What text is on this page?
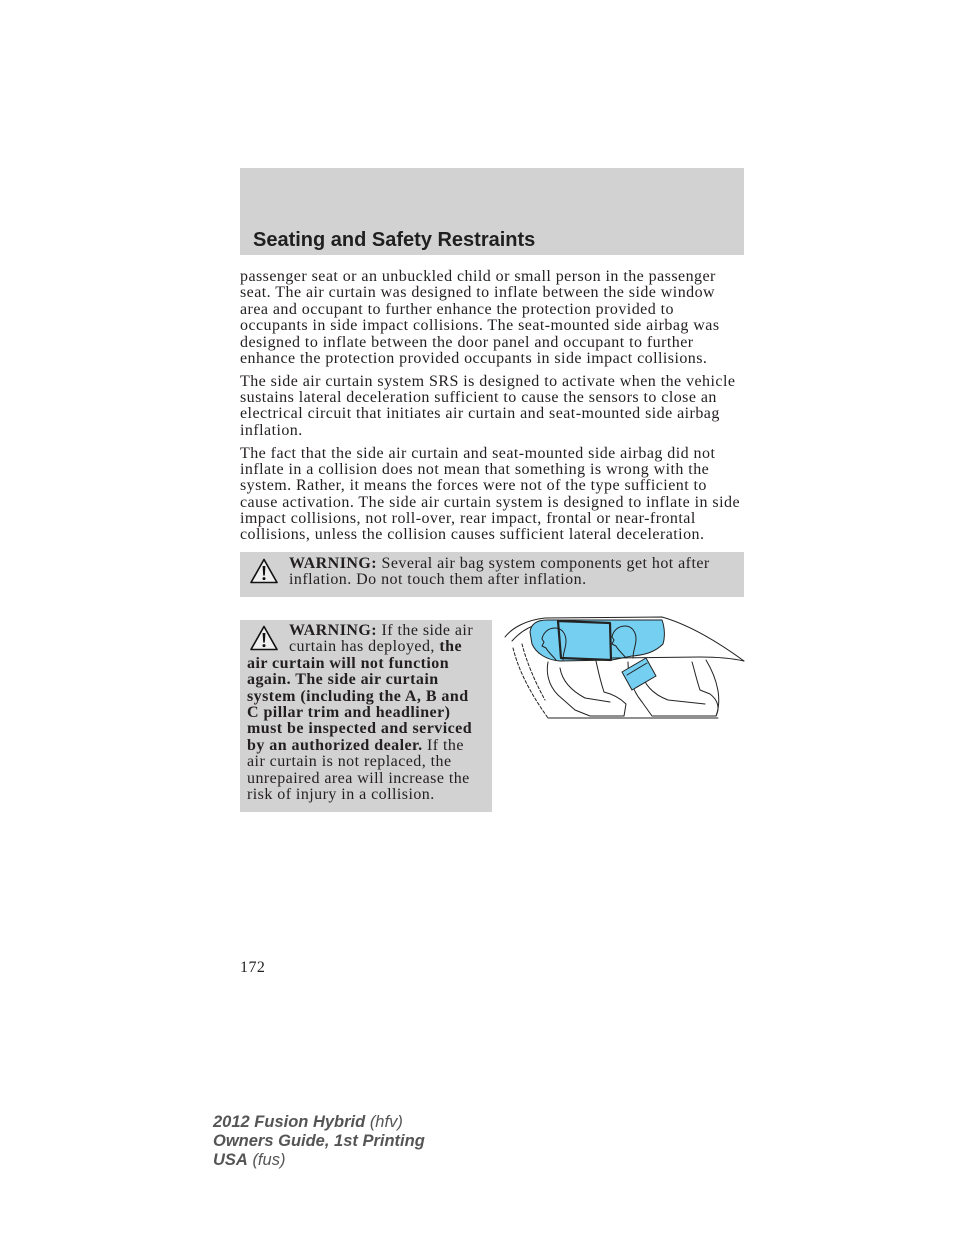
Seating and Safety Restraints
passenger seat or an unbuckled child or small person in the passenger
seat. The air curtain was designed to inflate between the side window
area and occupant to further enhance the protection provided to
occupants in side impact collisions. The seat-mounted side airbag was
designed to inflate between the door panel and occupant to further
enhance the protection provided occupants in side impact collisions.
The side air curtain system SRS is designed to activate when the vehicle
sustains lateral deceleration sufficient to cause the sensors to close an
electrical circuit that initiates air curtain and seat-mounted side airbag
inflation.
The fact that the side air curtain and seat-mounted side airbag did not
inflate in a collision does not mean that something is wrong with the
system. Rather, it means the forces were not of the type sufficient to
cause activation. The side air curtain system is designed to inflate in side
impact collisions, not roll-over, rear impact, frontal or near-frontal
collisions, unless the collision causes sufficient lateral deceleration.
WARNING: Several air bag system components get hot after
inflation. Do not touch them after inflation.
WARNING: If the side air
curtain has deployed, the
air curtain will not function
again. The side air curtain
system (including the A, B and
C pillar trim and headliner)
must be inspected and serviced
by an authorized dealer. If the
air curtain is not replaced, the
unrepaired area will increase the
risk of injury in a collision.
172
2012 Fusion Hybrid (hfv)
Owners Guide, 1st Printing
USA (fus)
